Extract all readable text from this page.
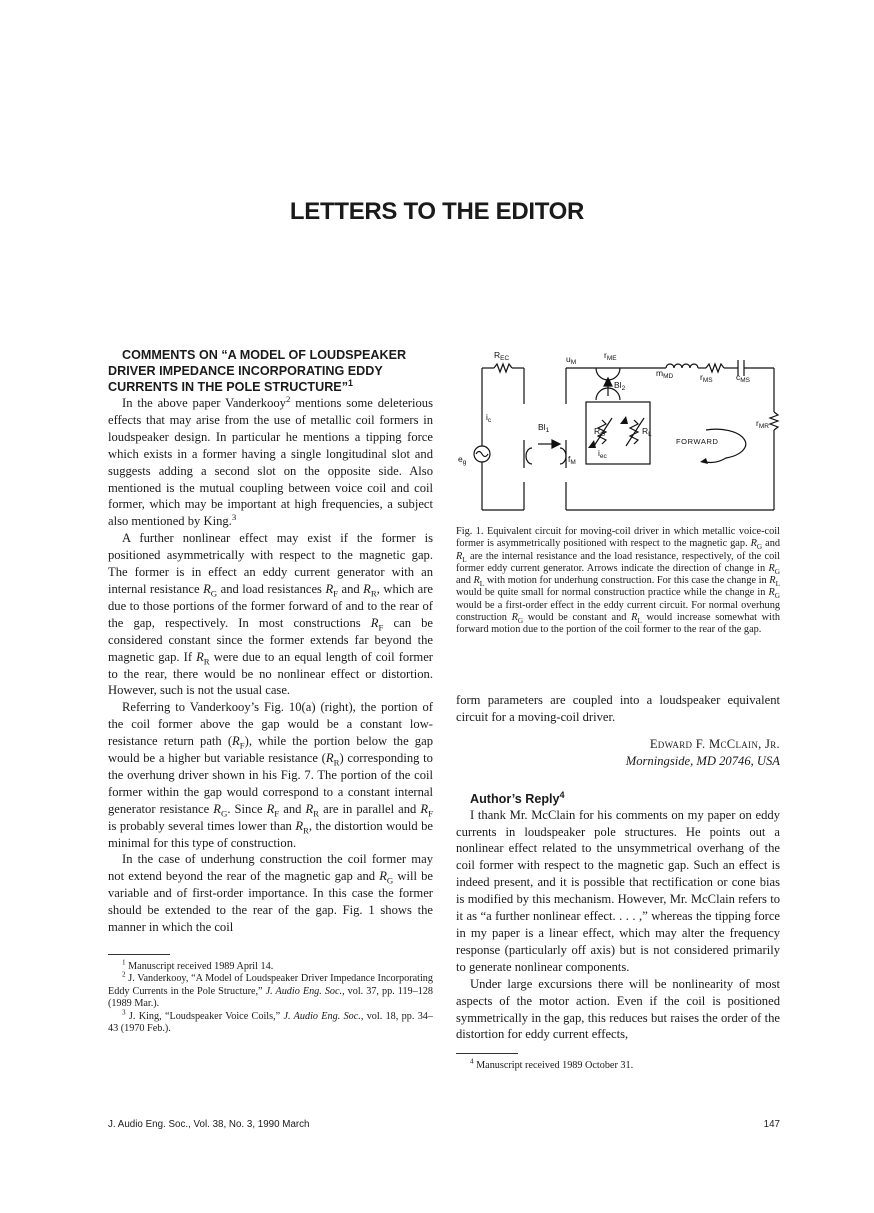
LETTERS TO THE EDITOR

COMMENTS ON “A MODEL OF LOUDSPEAKER DRIVER IMPEDANCE INCORPORATING EDDY CURRENTS IN THE POLE STRUCTURE”$^1$

In the above paper Vanderkooy$^2$ mentions some deleterious effects that may arise from the use of metallic coil formers in loudspeaker design. In particular he mentions a tipping force which exists in a former having a single longitudinal slot and suggests adding a second slot on the opposite side. Also mentioned is the mutual coupling between voice coil and coil former, which may be important at high frequencies, a subject also mentioned by King.$^3$

A further nonlinear effect may exist if the former is positioned asymmetrically with respect to the magnetic gap. The former is in effect an eddy current generator with an internal resistance $R_G$ and load resistances $R_F$ and $R_R$, which are due to those portions of the former forward of and to the rear of the gap, respectively. In most constructions $R_F$ can be considered constant since the former extends far beyond the magnetic gap. If $R_R$ were due to an equal length of coil former to the rear, there would be no nonlinear effect or distortion. However, such is not the usual case.

Referring to Vanderkooy’s Fig. 10(a) (right), the portion of the coil former above the gap would be a constant low-resistance return path $(R_F)$, while the portion below the gap would be a higher but variable resistance $(R_R)$ corresponding to the overhung driver shown in his Fig. 7. The portion of the coil former within the gap would correspond to a constant internal generator resistance $R_G$. Since $R_F$ and $R_R$ are in parallel and $R_F$ is probably several times lower than $R_R$, the distortion would be minimal for this type of construction.

In the case of underhung construction the coil former may not extend beyond the rear of the magnetic gap and $R_G$ will be variable and of first-order importance. In this case the former should be extended to the rear of the gap. Fig. 1 shows the manner in which the coil

$^1$ Manuscript received 1989 April 14.

$^2$ J. Vanderkooy, “A Model of Loudspeaker Driver Impedance Incorporating Eddy Currents in the Pole Structure,” J. Audio Eng. Soc., vol. 37, pp. 119–128 (1989 Mar.).

$^3$ J. King, “Loudspeaker Voice Coils,” J. Audio Eng. Soc., vol. 18, pp. 34–43 (1970 Feb.).

$R_{EC}$	$u_M$
$r_{ME}$
$m_{MD}$	$r_{MS}$	$c_{MS}$
$Bl_2$
$i_c$
$Bl_1$	$R_G$	$R_L$
$r_{MR}$
FORWARD
$e_g$	$f_M$
$i_{ec}$
Fig. 1. Equivalent circuit for moving-coil driver in which metallic voice-coil former is asymmetrically positioned with respect to the magnetic gap. $R_G$ and $R_L$ are the internal resistance and the load resistance, respectively, of the coil former eddy current generator. Arrows indicate the direction of change in $R_G$ and $R_L$ with motion for underhung construction. For this case the change in $R_L$ would be quite small for normal construction practice while the change in $R_G$ would be a first-order effect in the eddy current circuit. For normal overhung construction $R_G$ would be constant and $R_L$ would increase somewhat with forward motion due to the portion of the coil former to the rear of the gap.

form parameters are coupled into a loudspeaker equivalent circuit for a moving-coil driver.

Edward F. McClain, Jr.

Morningside, MD 20746, USA

Author’s Reply$^4$

I thank Mr. McClain for his comments on my paper on eddy currents in loudspeaker pole structures. He points out a nonlinear effect related to the unsymmetrical overhang of the coil former with respect to the magnetic gap. Such an effect is indeed present, and it is possible that rectification or cone bias is modified by this mechanism. However, Mr. McClain refers to it as “a further nonlinear effect. . . . ,” whereas the tipping force in my paper is a linear effect, which may alter the frequency response (particularly off axis) but is not considered primarily to generate nonlinear components.

Under large excursions there will be nonlinearity of most aspects of the motor action. Even if the coil is positioned symmetrically in the gap, this reduces but raises the order of the distortion for eddy current effects,

$^4$ Manuscript received 1989 October 31.

J. Audio Eng. Soc., Vol. 38, No. 3, 1990 March	147
